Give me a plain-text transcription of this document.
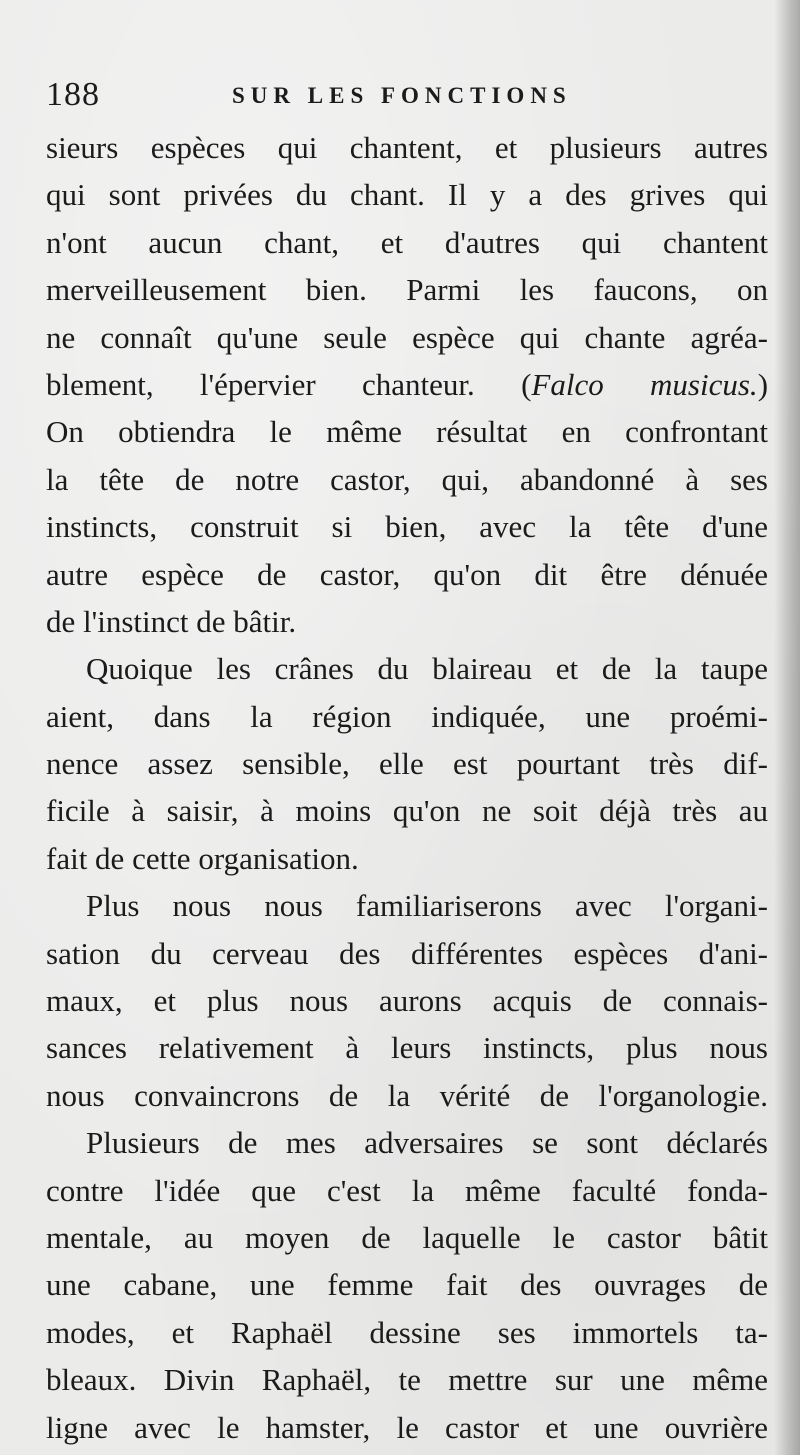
188	SUR LES FONCTIONS
sieurs espèces qui chantent, et plusieurs autres
qui sont privées du chant. Il y a des grives qui
n'ont aucun chant, et d'autres qui chantent
merveilleusement bien. Parmi les faucons, on
ne connaît qu'une seule espèce qui chante agréa-
blement, l'épervier chanteur. (Falco musicus.)
On obtiendra le même résultat en confrontant
la tête de notre castor, qui, abandonné à ses
instincts, construit si bien, avec la tête d'une
autre espèce de castor, qu'on dit être dénuée
de l'instinct de bâtir.
Quoique les crânes du blaireau et de la taupe
aient, dans la région indiquée, une proémi-
nence assez sensible, elle est pourtant très dif-
ficile à saisir, à moins qu'on ne soit déjà très au
fait de cette organisation.
Plus nous nous familiariserons avec l'organi-
sation du cerveau des différentes espèces d'ani-
maux, et plus nous aurons acquis de connais-
sances relativement à leurs instincts, plus nous
nous convaincrons de la vérité de l'organologie.
Plusieurs de mes adversaires se sont déclarés
contre l'idée que c'est la même faculté fonda-
mentale, au moyen de laquelle le castor bâtit
une cabane, une femme fait des ouvrages de
modes, et Raphaël dessine ses immortels ta-
bleaux. Divin Raphaël, te mettre sur une même
ligne avec le hamster, le castor et une ouvrière
